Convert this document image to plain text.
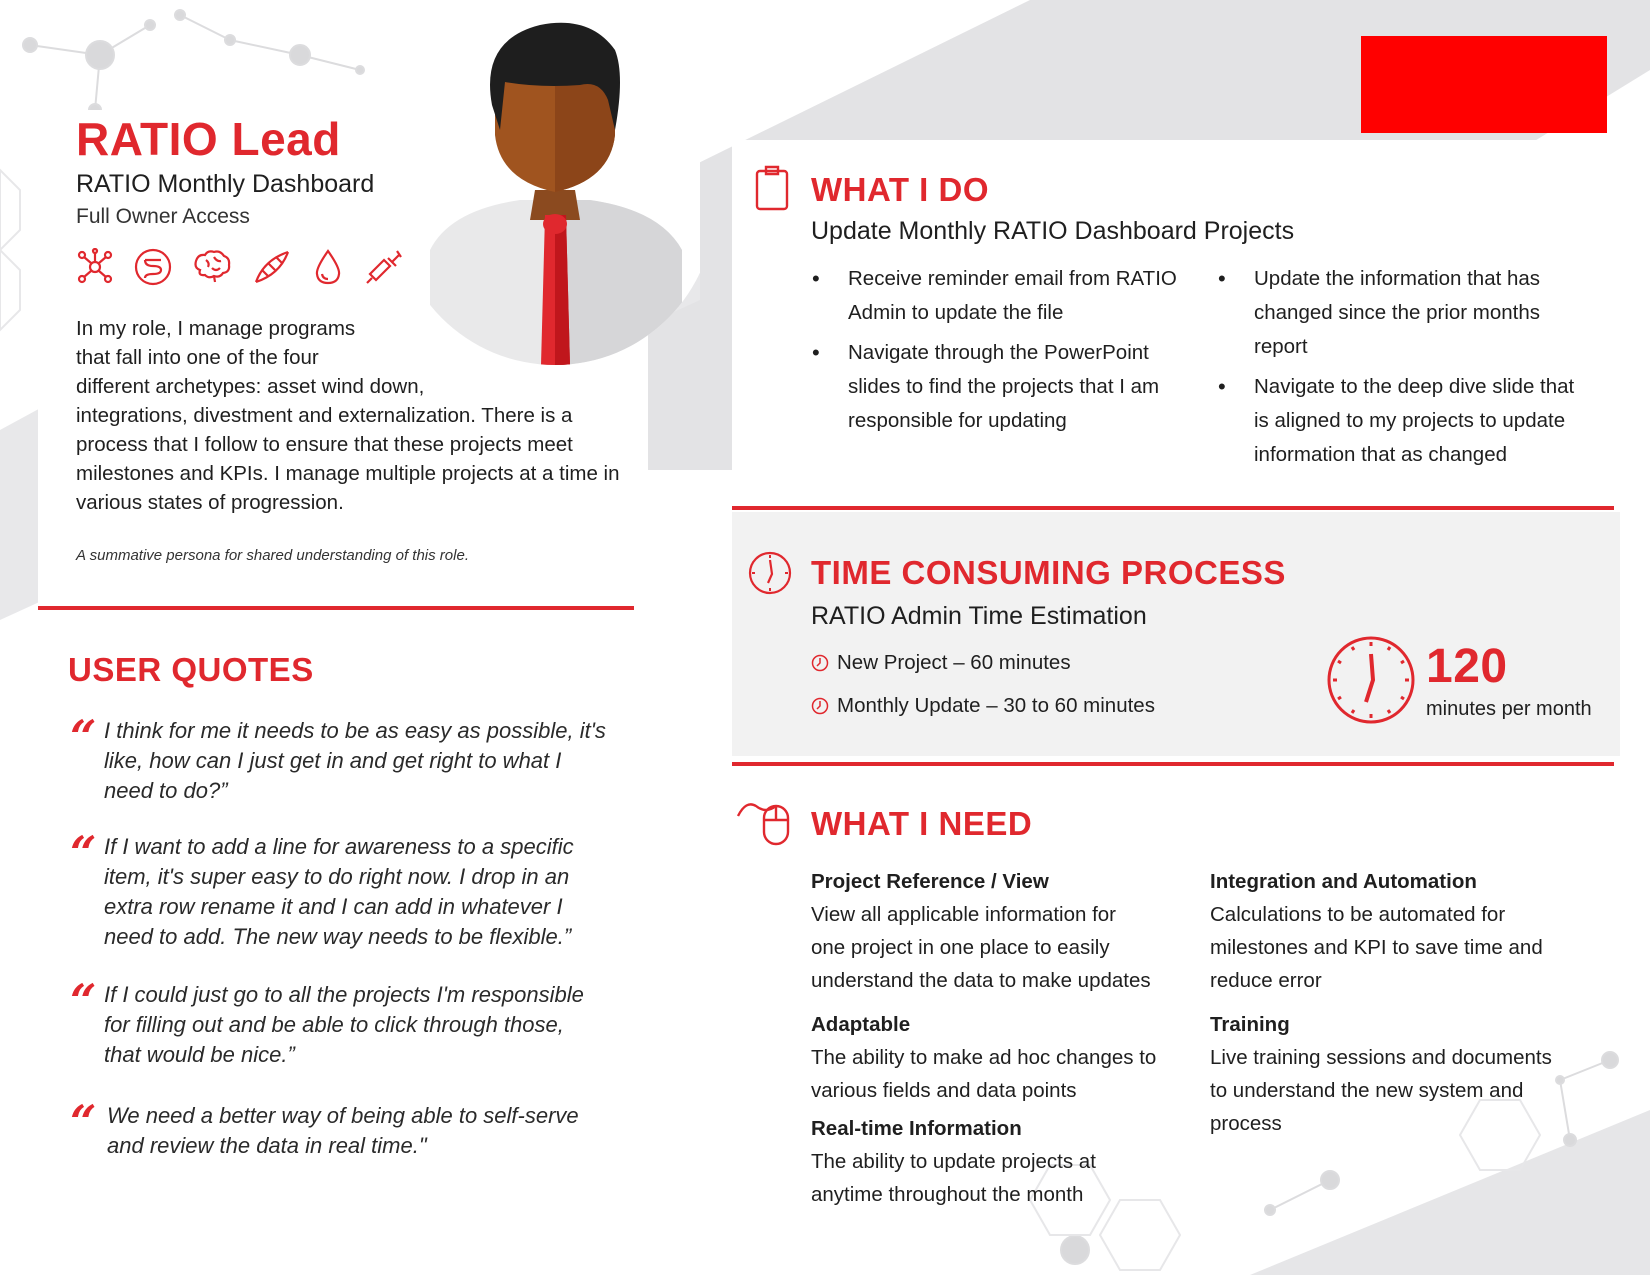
RATIO Lead
RATIO Monthly Dashboard
Full Owner Access
In my role, I manage programs
that fall into one of the four
different archetypes: asset wind down,
integrations, divestment and externalization. There is a
process that I follow to ensure that these projects meet
milestones and KPIs. I manage multiple projects at a time in
various states of progression.
A summative persona for shared understanding of this role.
USER QUOTES
“ I think for me it needs to be as easy as possible, it's
like, how can I just get in and get right to what I
need to do?”
“ If I want to add a line for awareness to a specific
item, it's super easy to do right now. I drop in an
extra row rename it and I can add in whatever I
need to add. The new way needs to be flexible.”
“ If I could just go to all the projects I'm responsible
for filling out and be able to click through those,
that would be nice.”
“ We need a better way of being able to self-serve
and review the data in real time."
WHAT I DO
Update Monthly RATIO Dashboard Projects
• Receive reminder email from RATIO
Admin to update the file
• Navigate through the PowerPoint
slides to find the projects that I am
responsible for updating
• Update the information that has
changed since the prior months
report
• Navigate to the deep dive slide that
is aligned to my projects to update
information that as changed
TIME CONSUMING PROCESS
RATIO Admin Time Estimation
New Project – 60 minutes
Monthly Update – 30 to 60 minutes
120
minutes per month
WHAT I NEED
Project Reference / View
View all applicable information for
one project in one place to easily
understand the data to make updates
Adaptable
The ability to make ad hoc changes to
various fields and data points
Real-time Information
The ability to update projects at
anytime throughout the month
Integration and Automation
Calculations to be automated for
milestones and KPI to save time and
reduce error
Training
Live training sessions and documents
to understand the new system and
process
